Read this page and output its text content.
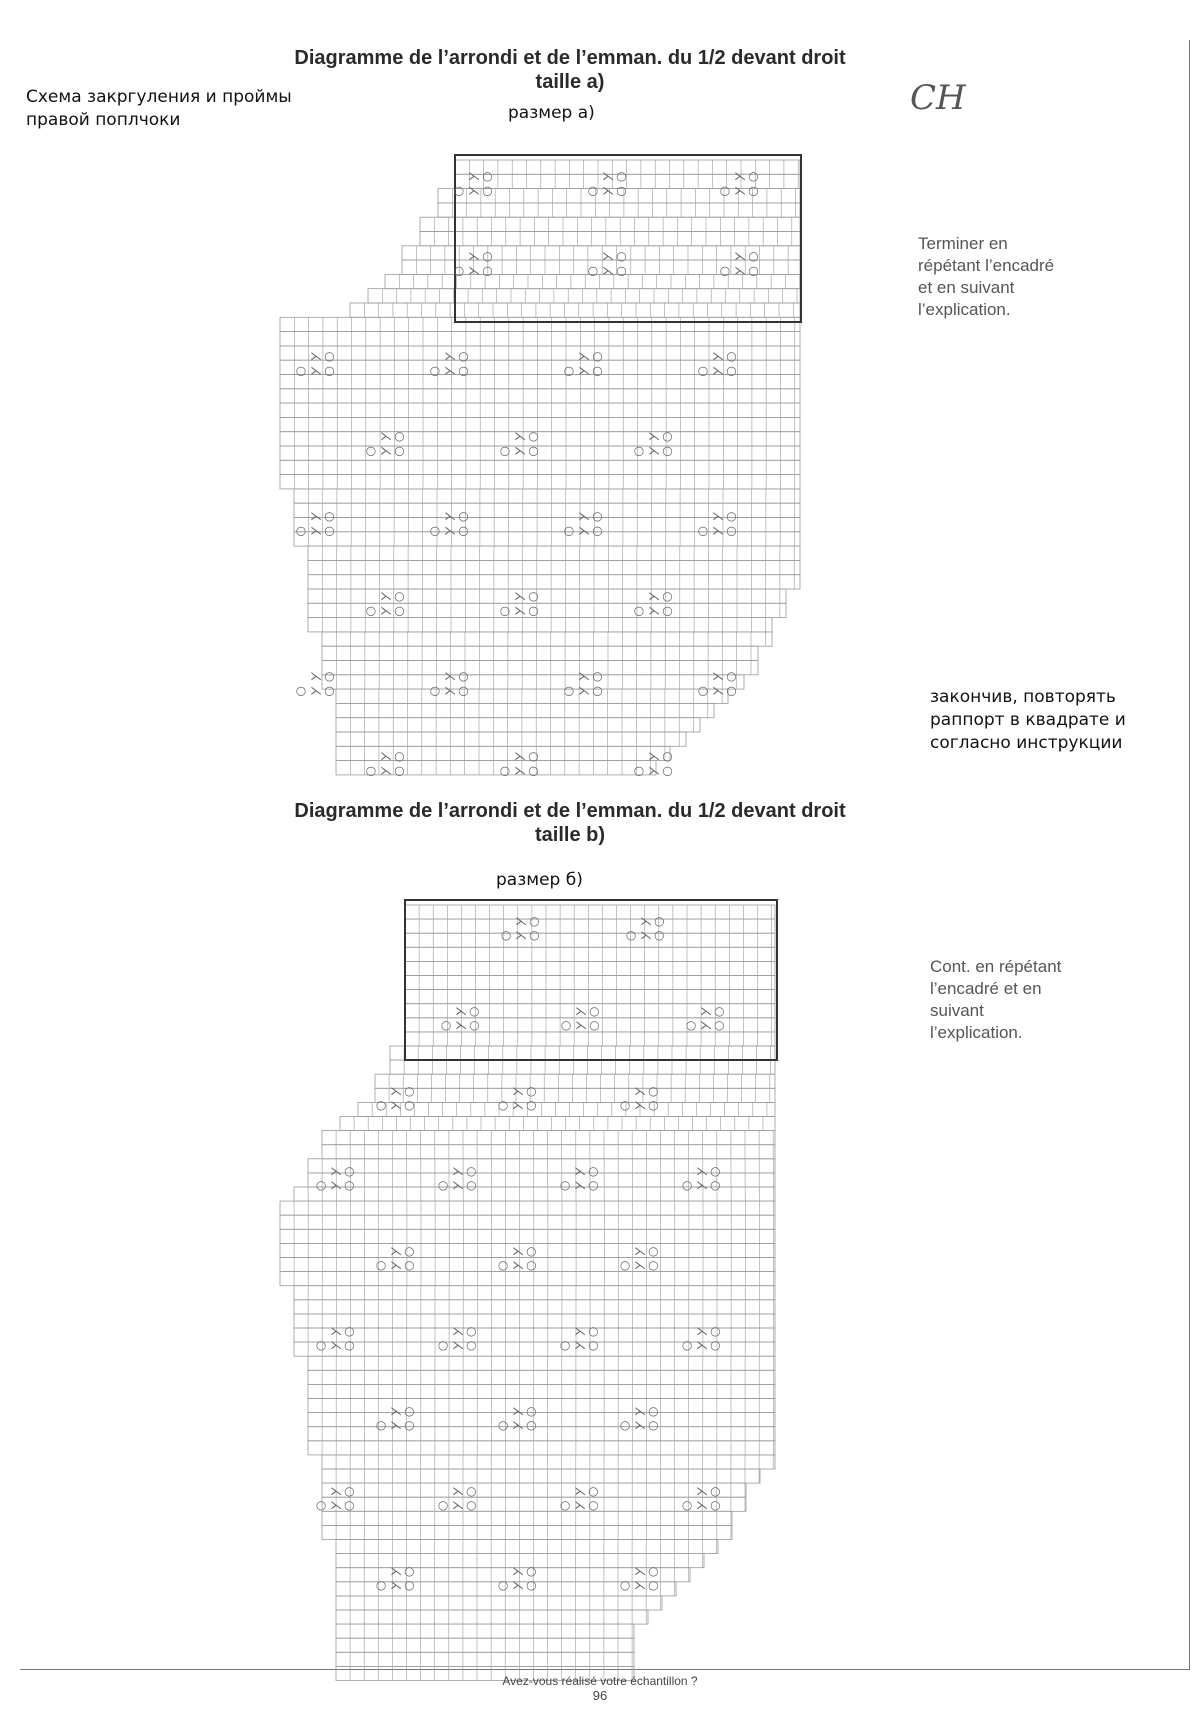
Diagramme de l’arrondi et de l’emman. du 1/2 devant droit
taille a)
Схема закргуления и проймы
правой поплчоки	размер а)	CH
Terminer en
répétant l’encadré
et en suivant
l’explication.
закончив, повторять
раппорт в квадрате и
согласно инструкции
⋋ ○
○ ⋋ ○
⋋ ○
○ ⋋ ○
⋋ ○
○ ⋋ ○
⋋ ○
○ ⋋ ○
⋋ ○
○ ⋋ ○
⋋ ○
○ ⋋ ○
⋋ ○
○ ⋋ ○
⋋ ○
○ ⋋ ○
⋋ ○
○ ⋋ ○
⋋ ○
○ ⋋ ○
⋋ ○
○ ⋋ ○
⋋ ○
○ ⋋ ○
⋋ ○
○ ⋋ ○
⋋ ○
○ ⋋ ○
⋋ ○
○ ⋋ ○
⋋ ○
○ ⋋ ○
⋋ ○
○ ⋋ ○
⋋ ○
○ ⋋ ○
⋋ ○
○ ⋋ ○
⋋ ○
○ ⋋ ○
⋋ ○
○ ⋋ ○
⋋ ○
○ ⋋ ○
⋋ ○
○ ⋋ ○
⋋ ○
○ ⋋ ○
⋋ ○
○ ⋋ ○
⋋ ○
○ ⋋ ○
⋋ ○
○ ⋋ ○
Diagramme de l’arrondi et de l’emman. du 1/2 devant droit
taille b)
размер б)
Cont. en répétant
l’encadré et en
suivant
l’explication.
⋋ ○
○ ⋋ ○
⋋ ○
○ ⋋ ○
⋋ ○
○ ⋋ ○
⋋ ○
○ ⋋ ○
⋋ ○
○ ⋋ ○
⋋ ○
○ ⋋ ○
⋋ ○
○ ⋋ ○
⋋ ○
○ ⋋ ○
⋋ ○
○ ⋋ ○
⋋ ○
○ ⋋ ○
⋋ ○
○ ⋋ ○
⋋ ○
○ ⋋ ○
⋋ ○
○ ⋋ ○
⋋ ○
○ ⋋ ○
⋋ ○
○ ⋋ ○
⋋ ○
○ ⋋ ○
⋋ ○
○ ⋋ ○
⋋ ○
○ ⋋ ○
⋋ ○
○ ⋋ ○
⋋ ○
○ ⋋ ○
⋋ ○
○ ⋋ ○
⋋ ○
○ ⋋ ○
⋋ ○
○ ⋋ ○
⋋ ○
○ ⋋ ○
⋋ ○
○ ⋋ ○
⋋ ○
○ ⋋ ○
⋋ ○
○ ⋋ ○
⋋ ○
○ ⋋ ○
⋋ ○
○ ⋋ ○
Avez-vous réalisé votre échantillon ?
96
